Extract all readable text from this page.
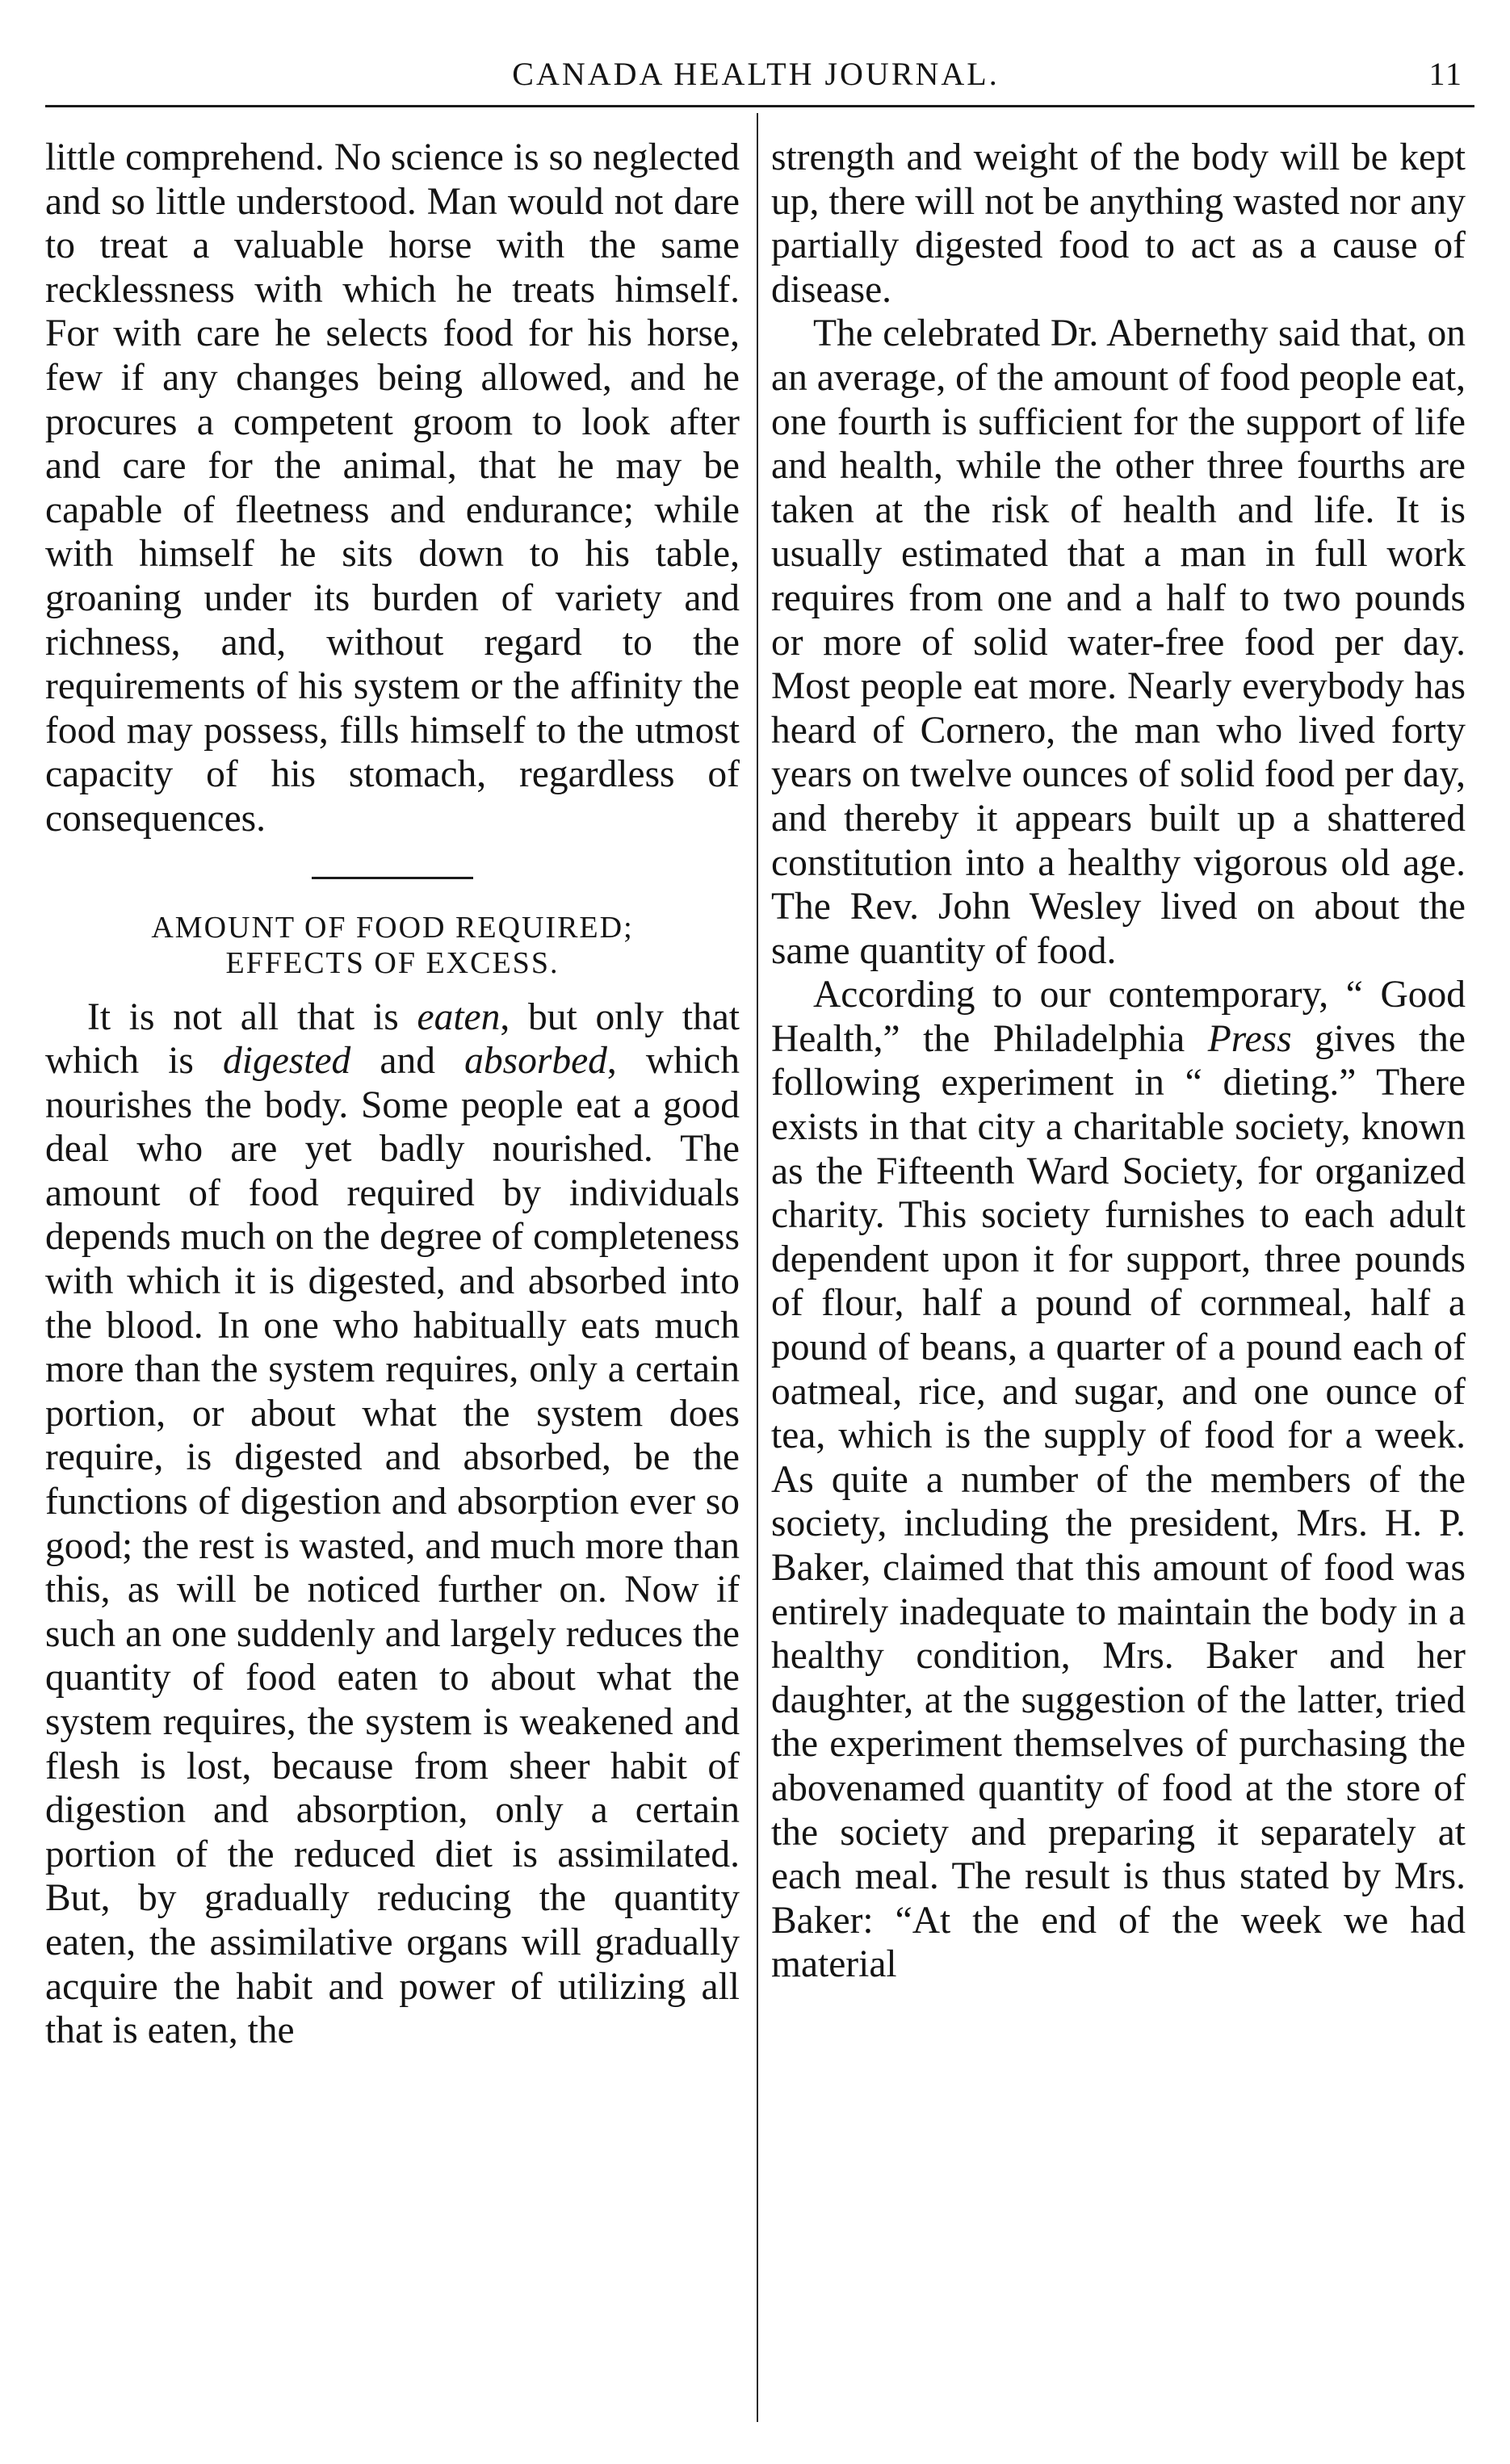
CANADA HEALTH JOURNAL.	11

little comprehend. No science is so neglected and so little understood. Man would not dare to treat a valuable horse with the same recklessness with which he treats himself. For with care he selects food for his horse, few if any changes being allowed, and he procures a competent groom to look after and care for the animal, that he may be capable of fleetness and endurance; while with himself he sits down to his table, groaning under its burden of variety and richness, and, without regard to the requirements of his system or the affinity the food may possess, fills himself to the utmost capacity of his stomach, regardless of consequences.

AMOUNT OF FOOD REQUIRED;
EFFECTS OF EXCESS.

It is not all that is eaten, but only that which is digested and absorbed, which nourishes the body. Some people eat a good deal who are yet badly nourished. The amount of food required by individuals depends much on the degree of completeness with which it is digested, and absorbed into the blood. In one who habitually eats much more than the system requires, only a certain portion, or about what the system does require, is digested and absorbed, be the functions of digestion and absorption ever so good; the rest is wasted, and much more than this, as will be noticed further on. Now if such an one suddenly and largely reduces the quantity of food eaten to about what the system requires, the system is weakened and flesh is lost, because from sheer habit of digestion and absorption, only a certain portion of the reduced diet is assimilated. But, by gradually reducing the quantity eaten, the assimilative organs will gradually acquire the habit and power of utilizing all that is eaten, the

strength and weight of the body will be kept up, there will not be anything wasted nor any partially digested food to act as a cause of disease.

The celebrated Dr. Abernethy said that, on an average, of the amount of food people eat, one fourth is sufficient for the support of life and health, while the other three fourths are taken at the risk of health and life. It is usually estimated that a man in full work requires from one and a half to two pounds or more of solid water-free food per day. Most people eat more. Nearly everybody has heard of Cornero, the man who lived forty years on twelve ounces of solid food per day, and thereby it appears built up a shattered constitution into a healthy vigorous old age. The Rev. John Wesley lived on about the same quantity of food.

According to our contemporary, “ Good Health,” the Philadelphia Press gives the following experiment in “ dieting.” There exists in that city a charitable society, known as the Fifteenth Ward Society, for organized charity. This society furnishes to each adult dependent upon it for support, three pounds of flour, half a pound of cornmeal, half a pound of beans, a quarter of a pound each of oatmeal, rice, and sugar, and one ounce of tea, which is the supply of food for a week. As quite a number of the members of the society, including the president, Mrs. H. P. Baker, claimed that this amount of food was entirely inadequate to maintain the body in a healthy condition, Mrs. Baker and her daughter, at the suggestion of the latter, tried the experiment themselves of purchasing the abovenamed quantity of food at the store of the society and preparing it separately at each meal. The result is thus stated by Mrs. Baker: “At the end of the week we had material
